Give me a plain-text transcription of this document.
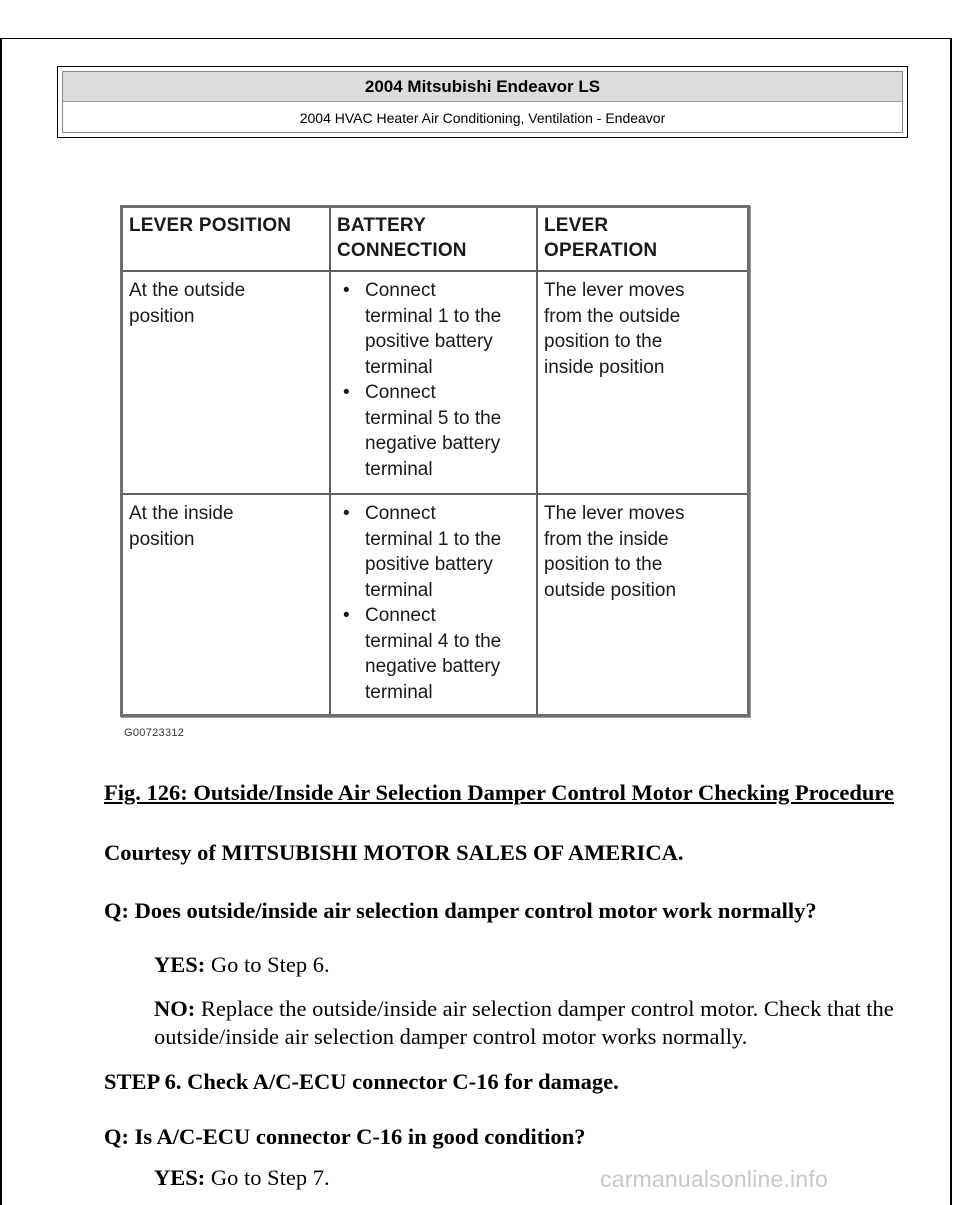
2004 Mitsubishi Endeavor LS
2004 HVAC Heater Air Conditioning, Ventilation - Endeavor
LEVER POSITION BATTERY
CONNECTION
LEVER
OPERATION
At the outside
position
• Connect
terminal 1 to the
positive battery
terminal
• Connect
terminal 5 to the
negative battery
terminal
The lever moves
from the outside
position to the
inside position
At the inside
position
• Connect
terminal 1 to the
positive battery
terminal
• Connect
terminal 4 to the
negative battery
terminal
The lever moves
from the inside
position to the
outside position
G00723312
Fig. 126: Outside/Inside Air Selection Damper Control Motor Checking Procedure
Courtesy of MITSUBISHI MOTOR SALES OF AMERICA.
Q: Does outside/inside air selection damper control motor work normally?
YES: Go to Step 6.
NO: Replace the outside/inside air selection damper control motor. Check that the outside/inside air selection damper control motor works normally.
STEP 6. Check A/C-ECU connector C-16 for damage.
Q: Is A/C-ECU connector C-16 in good condition?
YES: Go to Step 7.	carmanualsonline.info
